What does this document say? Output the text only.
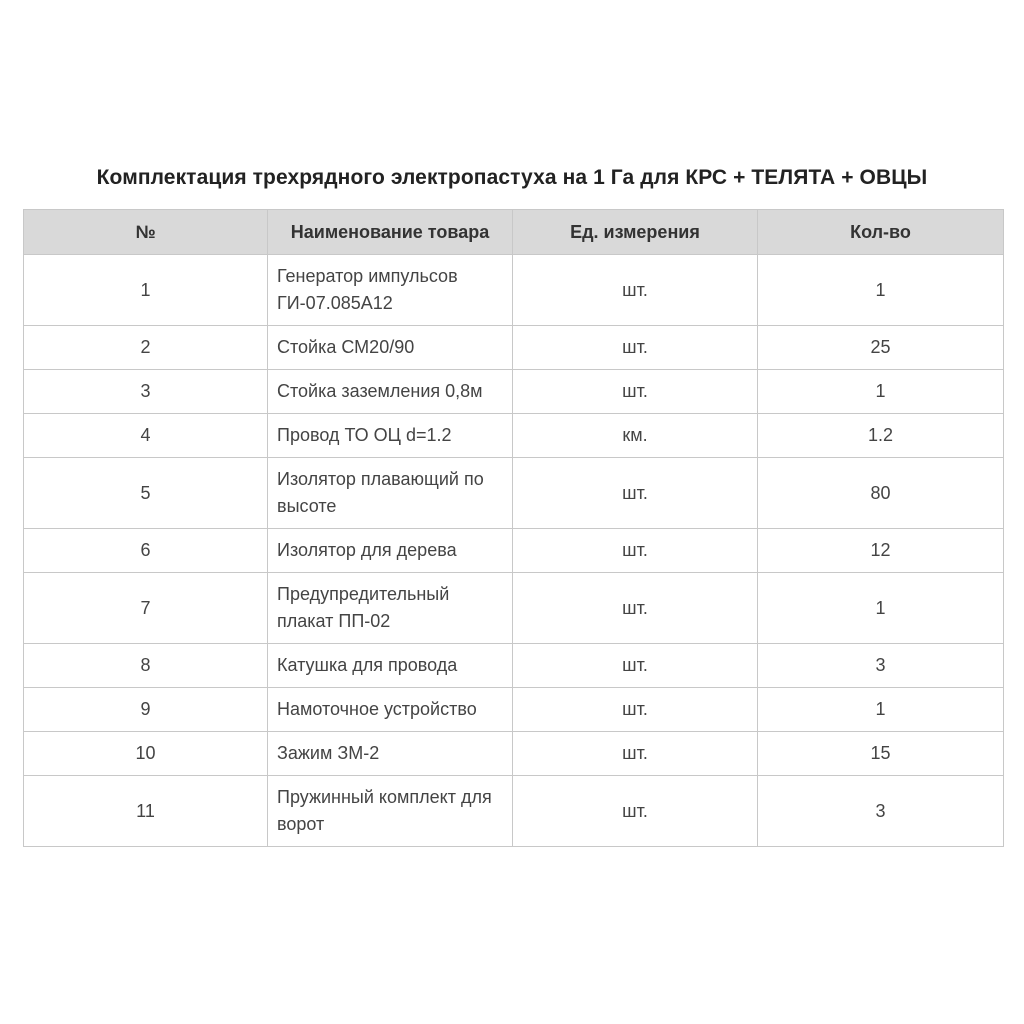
Комплектация трехрядного электропастуха на 1 Га для КРС + ТЕЛЯТА + ОВЦЫ
№	Наименование товара	Ед. измерения	Кол-во
1	Генератор импульсов ГИ-07.085А12	шт.	1
2	Стойка СМ20/90	шт.	25
3	Стойка заземления 0,8м	шт.	1
4	Провод ТО ОЦ d=1.2	км.	1.2
5	Изолятор плавающий по высоте	шт.	80
6	Изолятор для дерева	шт.	12
7	Предупредительный плакат ПП-02	шт.	1
8	Катушка для провода	шт.	3
9	Намоточное устройство	шт.	1
10	Зажим ЗМ-2	шт.	15
11	Пружинный комплект для ворот	шт.	3
